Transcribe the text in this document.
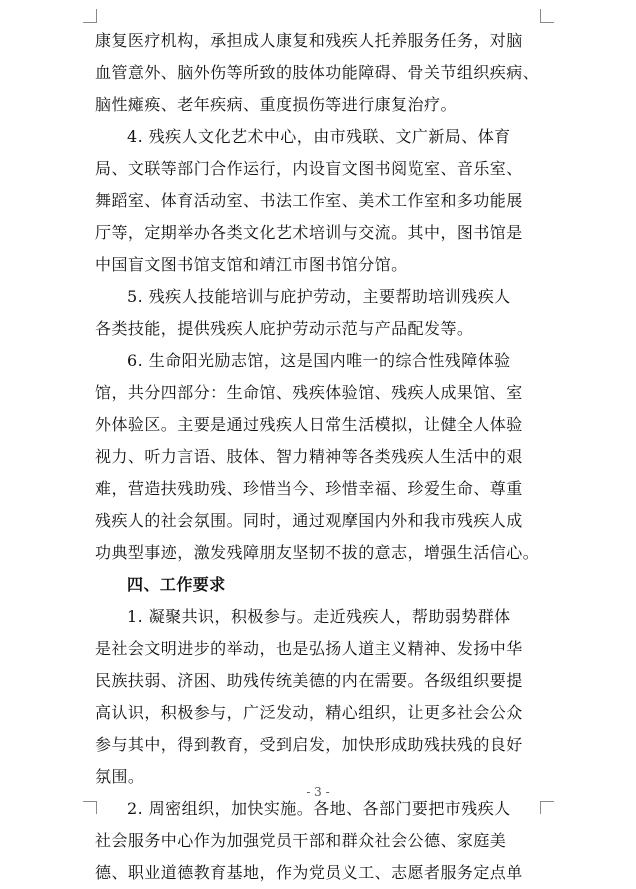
康复医疗机构，承担成人康复和残疾人托养服务任务，对脑
血管意外、脑外伤等所致的肢体功能障碍、骨关节组织疾病、
脑性瘫痪、老年疾病、重度损伤等进行康复治疗。
4. 残疾人文化艺术中心，由市残联、文广新局、体育
局、文联等部门合作运行，内设盲文图书阅览室、音乐室、
舞蹈室、体育活动室、书法工作室、美术工作室和多功能展
厅等，定期举办各类文化艺术培训与交流。其中，图书馆是
中国盲文图书馆支馆和靖江市图书馆分馆。
5. 残疾人技能培训与庇护劳动，主要帮助培训残疾人
各类技能，提供残疾人庇护劳动示范与产品配发等。
6. 生命阳光励志馆，这是国内唯一的综合性残障体验
馆，共分四部分：生命馆、残疾体验馆、残疾人成果馆、室
外体验区。主要是通过残疾人日常生活模拟，让健全人体验
视力、听力言语、肢体、智力精神等各类残疾人生活中的艰
难，营造扶残助残、珍惜当今、珍惜幸福、珍爱生命、尊重
残疾人的社会氛围。同时，通过观摩国内外和我市残疾人成
功典型事迹，激发残障朋友坚韧不拔的意志，增强生活信心。
四、工作要求
1. 凝聚共识，积极参与。走近残疾人，帮助弱势群体
是社会文明进步的举动，也是弘扬人道主义精神、发扬中华
民族扶弱、济困、助残传统美德的内在需要。各级组织要提
高认识，积极参与，广泛发动，精心组织，让更多社会公众
参与其中，得到教育，受到启发，加快形成助残扶残的良好
氛围。
2. 周密组织，加快实施。各地、各部门要把市残疾人
社会服务中心作为加强党员干部和群众社会公德、家庭美
德、职业道德教育基地，作为党员义工、志愿者服务定点单
- 3 -
